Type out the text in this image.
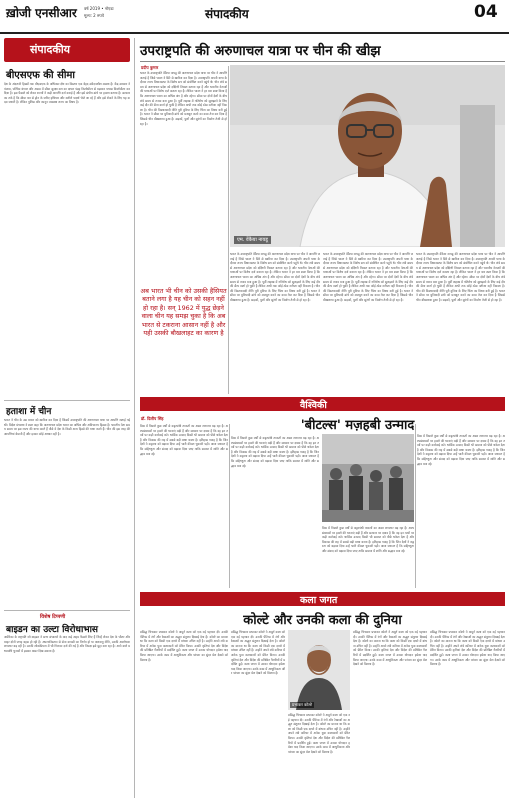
ख़ोजी एनसीआर वर्ष 2019 • नोएडा
मूल्य: 2 रुपये	संपादकीय	04
संपादकीय
बीएसएफ की सीमा
देश के अंदरूनी हिस्सों तक बीएसएफ के अधिकार क्षेत्र का विस्तार एक बेहद संवेदनशील मसला है। केंद्र सरकार ने पंजाब, पश्चिम बंगाल और असम में सीमा सुरक्षा बल का दायरा पंद्रह किलोमीटर से बढ़ाकर पचास किलोमीटर कर दिया है। इस फैसले को लेकर राज्यों ने कड़ी आपत्ति दर्ज कराई है और इसे संघीय ढांचे पर हमला बताया है। सरकार का तर्क है कि सीमा पार से ड्रोन के जरिए हथियार और नशीले पदार्थ भेजे जा रहे हैं और इसे रोकने के लिए यह कदम जरूरी है। लेकिन पुलिस और कानून व्यवस्था राज्य का विषय है।
हताशा में चीन
भारत ने चीन के उस बयान को खारिज कर दिया है जिसमें उपराष्ट्रपति की अरुणाचल यात्रा पर आपत्ति जताई गई थी। विदेश मंत्रालय ने स्पष्ट कहा कि अरुणाचल प्रदेश भारत का अभिन्न और अविभाज्य हिस्सा है। भारतीय नेता समय समय पर इस राज्य की यात्रा करते हैं जैसे वे देश के किसी अन्य हिस्से की यात्रा करते हैं। चीन की इस तरह की आपत्तियां बेमानी हैं और इनका कोई आधार नहीं है।
विशेष टिप्पणी
बाइडन का उल्टा विरोधाभास
अमेरिका के राष्ट्रपति जो बाइडन ने सत्ता संभालने के बाद कई अहम फैसले लिए हैं जिन्हें लेकर देश के भीतर और बाहर दोनों जगह बहस हो रही है। अफगानिस्तान से सेना वापसी का निर्णय हो या जलवायु नीति, उनकी आलोचना लगातार बढ़ रही है। उनकी लोकप्रियता में भी गिरावट दर्ज की गई है और विपक्ष इसे मुद्दा बना रहा है। आने वाले मध्यावधि चुनावों में इसका असर दिख सकता है।
उपराष्ट्रपति की अरुणाचल यात्रा पर चीन की खीझ
प्रदीप कुमार
भारत के उपराष्ट्रपति वेंकैया नायडू की अरुणाचल प्रदेश यात्रा पर चीन ने आपत्ति जताई है जिसे भारत ने सिरे से खारिज कर दिया है। उपराष्ट्रपति अपनी यात्रा के दौरान राज्य विधानसभा के विशेष सत्र को संबोधित करने पहुंचे थे। चीन लंबे समय से अरुणाचल प्रदेश को दक्षिणी तिब्बत बताता रहा है और भारतीय नेताओं की यात्राओं पर विरोध दर्ज कराता रहा है। लेकिन भारत ने हर बार स्पष्ट किया है कि अरुणाचल भारत का अभिन्न अंग है और रहेगा। सीमा पर दोनों देशों के बीच लंबे समय से तनाव बना हुआ है। पूर्वी लद्दाख में गतिरोध को सुलझाने के लिए कई दौर की सैन्य वार्ता हो चुकी है लेकिन अभी तक कोई ठोस नतीजा नहीं निकला है। चीन की विस्तारवादी नीति पूरी दुनिया के लिए चिंता का विषय बनी हुई है। भारत ने सीमा पर बुनियादी ढांचे को मजबूत करने का काम तेज कर दिया है जिससे चीन बौखलाया हुआ है। सड़कों, पुलों और सुरंगों का निर्माण तेजी से हो रहा है।
अब भारत भी चीन को उसकी हैसियत बताने लगा है यह चीन को सहन नहीं हो रहा है। सन् 1962 में युद्ध छेड़ने वाला चीन यह समझ चुका है कि अब भारत से टकराना आसान नहीं है और यही उसकी बौखलाहट का कारण है
एम. वेंकैया नायडू
भारत के उपराष्ट्रपति वेंकैया नायडू की अरुणाचल प्रदेश यात्रा पर चीन ने आपत्ति जताई है जिसे भारत ने सिरे से खारिज कर दिया है। उपराष्ट्रपति अपनी यात्रा के दौरान राज्य विधानसभा के विशेष सत्र को संबोधित करने पहुंचे थे। चीन लंबे समय से अरुणाचल प्रदेश को दक्षिणी तिब्बत बताता रहा है और भारतीय नेताओं की यात्राओं पर विरोध दर्ज कराता रहा है। लेकिन भारत ने हर बार स्पष्ट किया है कि अरुणाचल भारत का अभिन्न अंग है और रहेगा। सीमा पर दोनों देशों के बीच लंबे समय से तनाव बना हुआ है। पूर्वी लद्दाख में गतिरोध को सुलझाने के लिए कई दौर की सैन्य वार्ता हो चुकी है लेकिन अभी तक कोई ठोस नतीजा नहीं निकला है। चीन की विस्तारवादी नीति पूरी दुनिया के लिए चिंता का विषय बनी हुई है। भारत ने सीमा पर बुनियादी ढांचे को मजबूत करने का काम तेज कर दिया है जिससे चीन बौखलाया हुआ है। सड़कों, पुलों और सुरंगों का निर्माण तेजी से हो रहा है।
भारत के उपराष्ट्रपति वेंकैया नायडू की अरुणाचल प्रदेश यात्रा पर चीन ने आपत्ति जताई है जिसे भारत ने सिरे से खारिज कर दिया है। उपराष्ट्रपति अपनी यात्रा के दौरान राज्य विधानसभा के विशेष सत्र को संबोधित करने पहुंचे थे। चीन लंबे समय से अरुणाचल प्रदेश को दक्षिणी तिब्बत बताता रहा है और भारतीय नेताओं की यात्राओं पर विरोध दर्ज कराता रहा है। लेकिन भारत ने हर बार स्पष्ट किया है कि अरुणाचल भारत का अभिन्न अंग है और रहेगा। सीमा पर दोनों देशों के बीच लंबे समय से तनाव बना हुआ है। पूर्वी लद्दाख में गतिरोध को सुलझाने के लिए कई दौर की सैन्य वार्ता हो चुकी है लेकिन अभी तक कोई ठोस नतीजा नहीं निकला है। चीन की विस्तारवादी नीति पूरी दुनिया के लिए चिंता का विषय बनी हुई है। भारत ने सीमा पर बुनियादी ढांचे को मजबूत करने का काम तेज कर दिया है जिससे चीन बौखलाया हुआ है। सड़कों, पुलों और सुरंगों का निर्माण तेजी से हो रहा है।
भारत के उपराष्ट्रपति वेंकैया नायडू की अरुणाचल प्रदेश यात्रा पर चीन ने आपत्ति जताई है जिसे भारत ने सिरे से खारिज कर दिया है। उपराष्ट्रपति अपनी यात्रा के दौरान राज्य विधानसभा के विशेष सत्र को संबोधित करने पहुंचे थे। चीन लंबे समय से अरुणाचल प्रदेश को दक्षिणी तिब्बत बताता रहा है और भारतीय नेताओं की यात्राओं पर विरोध दर्ज कराता रहा है। लेकिन भारत ने हर बार स्पष्ट किया है कि अरुणाचल भारत का अभिन्न अंग है और रहेगा। सीमा पर दोनों देशों के बीच लंबे समय से तनाव बना हुआ है। पूर्वी लद्दाख में गतिरोध को सुलझाने के लिए कई दौर की सैन्य वार्ता हो चुकी है लेकिन अभी तक कोई ठोस नतीजा नहीं निकला है। चीन की विस्तारवादी नीति पूरी दुनिया के लिए चिंता का विषय बनी हुई है। भारत ने सीमा पर बुनियादी ढांचे को मजबूत करने का काम तेज कर दिया है जिससे चीन बौखलाया हुआ है। सड़कों, पुलों और सुरंगों का निर्माण तेजी से हो रहा है।
वैश्विकी
'बीटल्स' मज़हबी उन्माद
डॉ. दिलीप सिंह
मिस्र में पिछले कुछ वर्षों से कट्टरपंथी ताकतों का असर लगातार बढ़ रहा है। अल्पसंख्यकों पर हमले की घटनाएं बढ़ी हैं और सरकार पर दबाव है कि वह इन तत्वों पर कड़ी कार्रवाई करे। धार्मिक उन्माद किसी भी समाज को पीछे धकेल देता है और विकास की राह में सबसे बड़ी बाधा बनता है। इतिहास गवाह है कि जिन देशों ने कट्टरता को बढ़ावा दिया उन्हें भारी कीमत चुकानी पड़ी। आज जरूरत है कि सहिष्णुता और संवाद को बढ़ावा दिया जाए ताकि समाज में शांति और सद्भाव बना रहे।
मिस्र में पिछले कुछ वर्षों से कट्टरपंथी ताकतों का असर लगातार बढ़ रहा है। अल्पसंख्यकों पर हमले की घटनाएं बढ़ी हैं और सरकार पर दबाव है कि वह इन तत्वों पर कड़ी कार्रवाई करे। धार्मिक उन्माद किसी भी समाज को पीछे धकेल देता है और विकास की राह में सबसे बड़ी बाधा बनता है। इतिहास गवाह है कि जिन देशों ने कट्टरता को बढ़ावा दिया उन्हें भारी कीमत चुकानी पड़ी। आज जरूरत है कि सहिष्णुता और संवाद को बढ़ावा दिया जाए ताकि समाज में शांति और सद्भाव बना रहे।
मिस्र में पिछले कुछ वर्षों से कट्टरपंथी ताकतों का असर लगातार बढ़ रहा है। अल्पसंख्यकों पर हमले की घटनाएं बढ़ी हैं और सरकार पर दबाव है कि वह इन तत्वों पर कड़ी कार्रवाई करे। धार्मिक उन्माद किसी भी समाज को पीछे धकेल देता है और विकास की राह में सबसे बड़ी बाधा बनता है। इतिहास गवाह है कि जिन देशों ने कट्टरता को बढ़ावा दिया उन्हें भारी कीमत चुकानी पड़ी। आज जरूरत है कि सहिष्णुता और संवाद को बढ़ावा दिया जाए ताकि समाज में शांति और सद्भाव बना रहे।
मिस्र में पिछले कुछ वर्षों से कट्टरपंथी ताकतों का असर लगातार बढ़ रहा है। अल्पसंख्यकों पर हमले की घटनाएं बढ़ी हैं और सरकार पर दबाव है कि वह इन तत्वों पर कड़ी कार्रवाई करे। धार्मिक उन्माद किसी भी समाज को पीछे धकेल देता है और विकास की राह में सबसे बड़ी बाधा बनता है। इतिहास गवाह है कि जिन देशों ने कट्टरता को बढ़ावा दिया उन्हें भारी कीमत चुकानी पड़ी। आज जरूरत है कि सहिष्णुता और संवाद को बढ़ावा दिया जाए ताकि समाज में शांति और सद्भाव बना रहे।
कला जगत
कोल्टे और उनकी कला की दुनिया
प्रसिद्ध चित्रकार प्रभाकर कोल्टे ने अमूर्त कला को एक नई पहचान दी। उनकी पेंटिंग्स में रंगों और रेखाओं का अद्भुत संतुलन दिखाई देता है। कोल्टे का मानना था कि कला को किसी एक दायरे में बांधना उचित नहीं है। उन्होंने अपने लंबे करियर में अनेक युवा कलाकारों को प्रेरित किया। उनकी कृतियां देश और विदेश की प्रतिष्ठित गैलरियों में प्रदर्शित हुईं। कला जगत में उनका योगदान हमेशा याद किया जाएगा। उनके काम में आधुनिकता और परंपरा का सुंदर मेल देखने को मिलता है।
प्रसिद्ध चित्रकार प्रभाकर कोल्टे ने अमूर्त कला को एक नई पहचान दी। उनकी पेंटिंग्स में रंगों और रेखाओं का अद्भुत संतुलन दिखाई देता है। कोल्टे का मानना था कि कला को किसी एक दायरे में बांधना उचित नहीं है। उन्होंने अपने लंबे करियर में अनेक युवा कलाकारों को प्रेरित किया। उनकी कृतियां देश और विदेश की प्रतिष्ठित गैलरियों में प्रदर्शित हुईं। कला जगत में उनका योगदान हमेशा याद किया जाएगा। उनके काम में आधुनिकता और परंपरा का सुंदर मेल देखने को मिलता है।
प्रभाकर कोल्टे
प्रसिद्ध चित्रकार प्रभाकर कोल्टे ने अमूर्त कला को एक नई पहचान दी। उनकी पेंटिंग्स में रंगों और रेखाओं का अद्भुत संतुलन दिखाई देता है। कोल्टे का मानना था कि कला को किसी एक दायरे में बांधना उचित नहीं है। उन्होंने अपने लंबे करियर में अनेक युवा कलाकारों को प्रेरित किया। उनकी कृतियां देश और विदेश की प्रतिष्ठित गैलरियों में प्रदर्शित हुईं। कला जगत में उनका योगदान हमेशा याद किया जाएगा। उनके काम में आधुनिकता और परंपरा का सुंदर मेल देखने को मिलता है।
प्रसिद्ध चित्रकार प्रभाकर कोल्टे ने अमूर्त कला को एक नई पहचान दी। उनकी पेंटिंग्स में रंगों और रेखाओं का अद्भुत संतुलन दिखाई देता है। कोल्टे का मानना था कि कला को किसी एक दायरे में बांधना उचित नहीं है। उन्होंने अपने लंबे करियर में अनेक युवा कलाकारों को प्रेरित किया। उनकी कृतियां देश और विदेश की प्रतिष्ठित गैलरियों में प्रदर्शित हुईं। कला जगत में उनका योगदान हमेशा याद किया जाएगा। उनके काम में आधुनिकता और परंपरा का सुंदर मेल देखने को मिलता है।
प्रसिद्ध चित्रकार प्रभाकर कोल्टे ने अमूर्त कला को एक नई पहचान दी। उनकी पेंटिंग्स में रंगों और रेखाओं का अद्भुत संतुलन दिखाई देता है। कोल्टे का मानना था कि कला को किसी एक दायरे में बांधना उचित नहीं है। उन्होंने अपने लंबे करियर में अनेक युवा कलाकारों को प्रेरित किया। उनकी कृतियां देश और विदेश की प्रतिष्ठित गैलरियों में प्रदर्शित हुईं। कला जगत में उनका योगदान हमेशा याद किया जाएगा। उनके काम में आधुनिकता और परंपरा का सुंदर मेल देखने को मिलता है।
